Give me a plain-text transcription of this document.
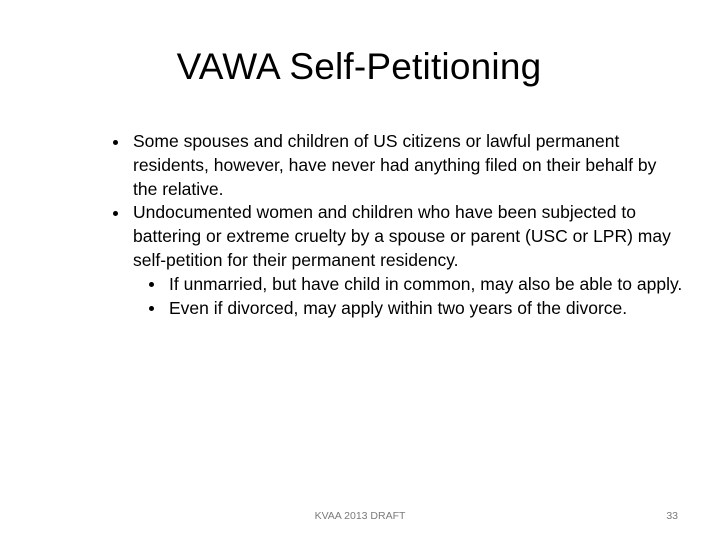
VAWA Self-Petitioning
Some spouses and children of US citizens or lawful permanent residents, however, have never had anything filed on their behalf by the relative.
Undocumented women and children who have been subjected to battering or extreme cruelty by a spouse or parent (USC or LPR) may self-petition for their permanent residency.
If unmarried, but have child in common, may also be able to apply.
Even if divorced, may apply within two years of the divorce.
KVAA 2013 DRAFT	33
